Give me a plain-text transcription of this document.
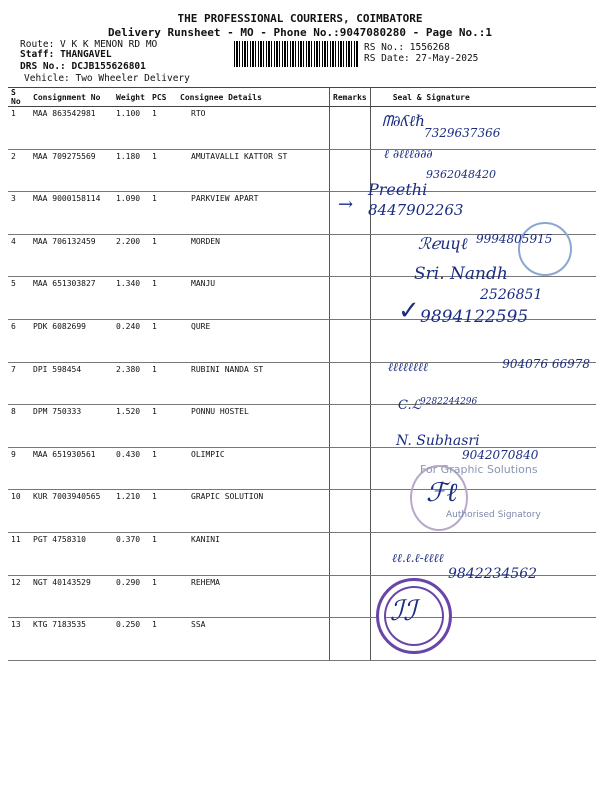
THE PROFESSIONAL COURIERS, COIMBATORE
Delivery Runsheet - MO - Phone No.:9047080280 - Page No.:1
Route: V K K MENON RD MO
Staff: THANGAVEL
DRS No.: DCJB155626801
Vehicle: Two Wheeler Delivery
RS No.: 1556268
RS Date: 27-May-2025
S No	Consignment No	Weight	PCS	Consignee Details	Remarks	Seal & Signature
1	MAA 863542981	1.100	1	RTO		
2	MAA 709275569	1.180	1	AMUTAVALLI KATTOR ST		
3	MAA 9000158114	1.090	1	PARKVIEW APART		
4	MAA 706132459	2.200	1	MORDEN		
5	MAA 651303827	1.340	1	MANJU		
6	PDK 6082699	0.240	1	QURE		
7	DPI 598454	2.380	1	RUBINI NANDA ST		
8	DPM 750333	1.520	1	PONNU HOSTEL		
9	MAA 651930561	0.430	1	OLIMPIC		
10	KUR 7003940565	1.210	1	GRAPIC SOLUTION		
11	PGT 4758310	0.370	1	KANINI		
12	NGT 40143529	0.290	1	REHEMA		
13	KTG 7183535	0.250	1	SSA		
For Graphic Solutions
Authorised Signatory
ᗰ∂ʎℓℏ
7329637366
ℓ ∂ℓℓℓ∂∂∂
9362048420
Preethi
8447902263
→
ℛℯuɥℓ 9994805915
Sri. Nandh
2526851
✓ 9894122595
ℓℓℓℓℓℓℓℓ	904076 66978
C.ℒ 9282244296
N. Subhasri
9042070840
ℱℓ
ℓℓ.ℓ.ℓ-ℓℓℓℓ
9842234562
ℐℐ
